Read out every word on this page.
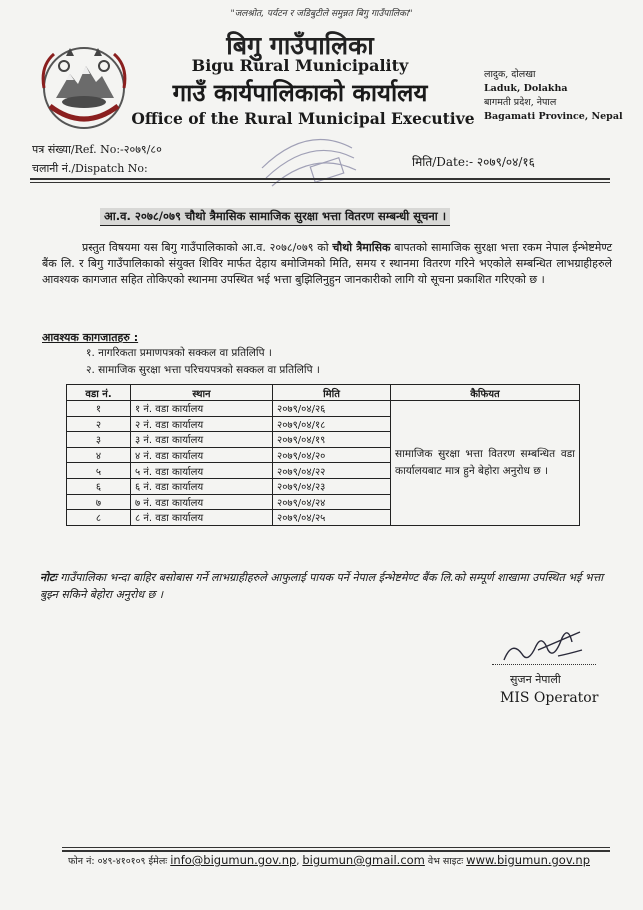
"जलश्रोत, पर्यटन र जडिबुटीले समुन्नत बिगु गाउँपालिका"
बिगु गाउँपालिका
Bigu Rural Municipality
गाउँ कार्यपालिकाको कार्यालय
Office of the Rural Municipal Executive
लादुक, दोलखा
Laduk, Dolakha
बागमती प्रदेश, नेपाल
Bagamati Province, Nepal
पत्र संख्या/Ref. No:-२०७९/८०
चलानी नं./Dispatch No:	मिति/Date:- २०७९/०४/१६
आ.व. २०७८/०७९ चौथो त्रैमासिक सामाजिक सुरक्षा भत्ता वितरण सम्बन्धी सूचना ।
प्रस्तुत विषयमा यस बिगु गाउँपालिकाको आ.व. २०७८/०७९ को चौथो त्रैमासिक बापतको सामाजिक सुरक्षा भत्ता रकम नेपाल ईन्भेष्टमेण्ट बैंक लि. र बिगु गाउँपालिकाको संयुक्त शिविर मार्फत देहाय बमोजिमको मिति, समय र स्थानमा वितरण गरिने भएकोले सम्बन्धित लाभग्राहीहरुले आवश्यक कागजात सहित तोकिएको स्थानमा उपस्थित भई भत्ता बुझिलिनुहुन जानकारीको लागि यो सूचना प्रकाशित गरिएको छ ।
आवश्यक कागजातहरु :
१. नागरिकता प्रमाणपत्रको सक्कल वा प्रतिलिपि ।
२. सामाजिक सुरक्षा भत्ता परिचयपत्रको सक्कल वा प्रतिलिपि ।
वडा नं.	स्थान	मिति	कैफियत
१	१ नं. वडा कार्यालय	२०७९/०४/२६	सामाजिक सुरक्षा भत्ता वितरण सम्बन्धित वडा कार्यालयबाट मात्र हुने बेहोरा अनुरोध छ ।
२	२ नं. वडा कार्यालय	२०७९/०४/१८	
३	३ नं. वडा कार्यालय	२०७९/०४/१९	
४	४ नं. वडा कार्यालय	२०७९/०४/२०	
५	५ नं. वडा कार्यालय	२०७९/०४/२२	
६	६ नं. वडा कार्यालय	२०७९/०४/२३	
७	७ नं. वडा कार्यालय	२०७९/०४/२४	
८	८ नं. वडा कार्यालय	२०७९/०४/२५	
नोटः गाउँपालिका भन्दा बाहिर बसोबास गर्ने लाभग्राहीहरुले आफुलाई पायक पर्ने नेपाल ईन्भेष्टमेण्ट बैंक लि.को सम्पूर्ण शाखामा उपस्थित भई भत्ता बुझ्न सकिने बेहोरा अनुरोध छ ।
सुजन नेपाली
MIS Operator
फोन नं: ०४९-४१०१०९ ईमेलः info@bigumun.gov.np, bigumun@gmail.com वेभ साइटः www.bigumun.gov.np
